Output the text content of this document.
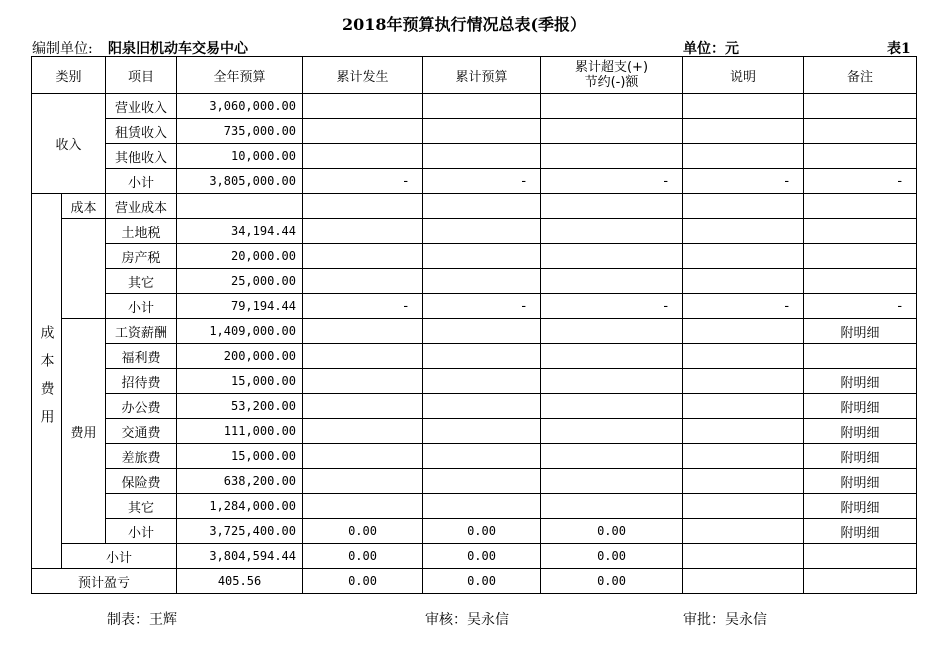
2018年预算执行情况总表(季报）
编制单位: 阳泉旧机动车交易中心	单位：元	表1
类别		项目	全年预算	累计发生	累计预算	累计超支(+)
节约(-)额	说明	备注
收入		营业收入	3,060,000.00					
		租赁收入	735,000.00					
		其他收入	10,000.00					
		小计	3,805,000.00	-	-	-	-	-
成本费用	成本	营业成本						
		土地税	34,194.44					
		房产税	20,000.00					
		其它	25,000.00					
		小计	79,194.44	-	-	-	-	-
	费用	工资薪酬	1,409,000.00					附明细
		福利费	200,000.00					
		招待费	15,000.00					附明细
		办公费	53,200.00					附明细
		交通费	111,000.00					附明细
		差旅费	15,000.00					附明细
		保险费	638,200.00					附明细
		其它	1,284,000.00					附明细
		小计	3,725,400.00	0.00	0.00	0.00		附明细
	小计		3,804,594.44	0.00	0.00	0.00		
预计盈亏			405.56	0.00	0.00	0.00		
制表：王辉	审核：吴永信	审批：吴永信
